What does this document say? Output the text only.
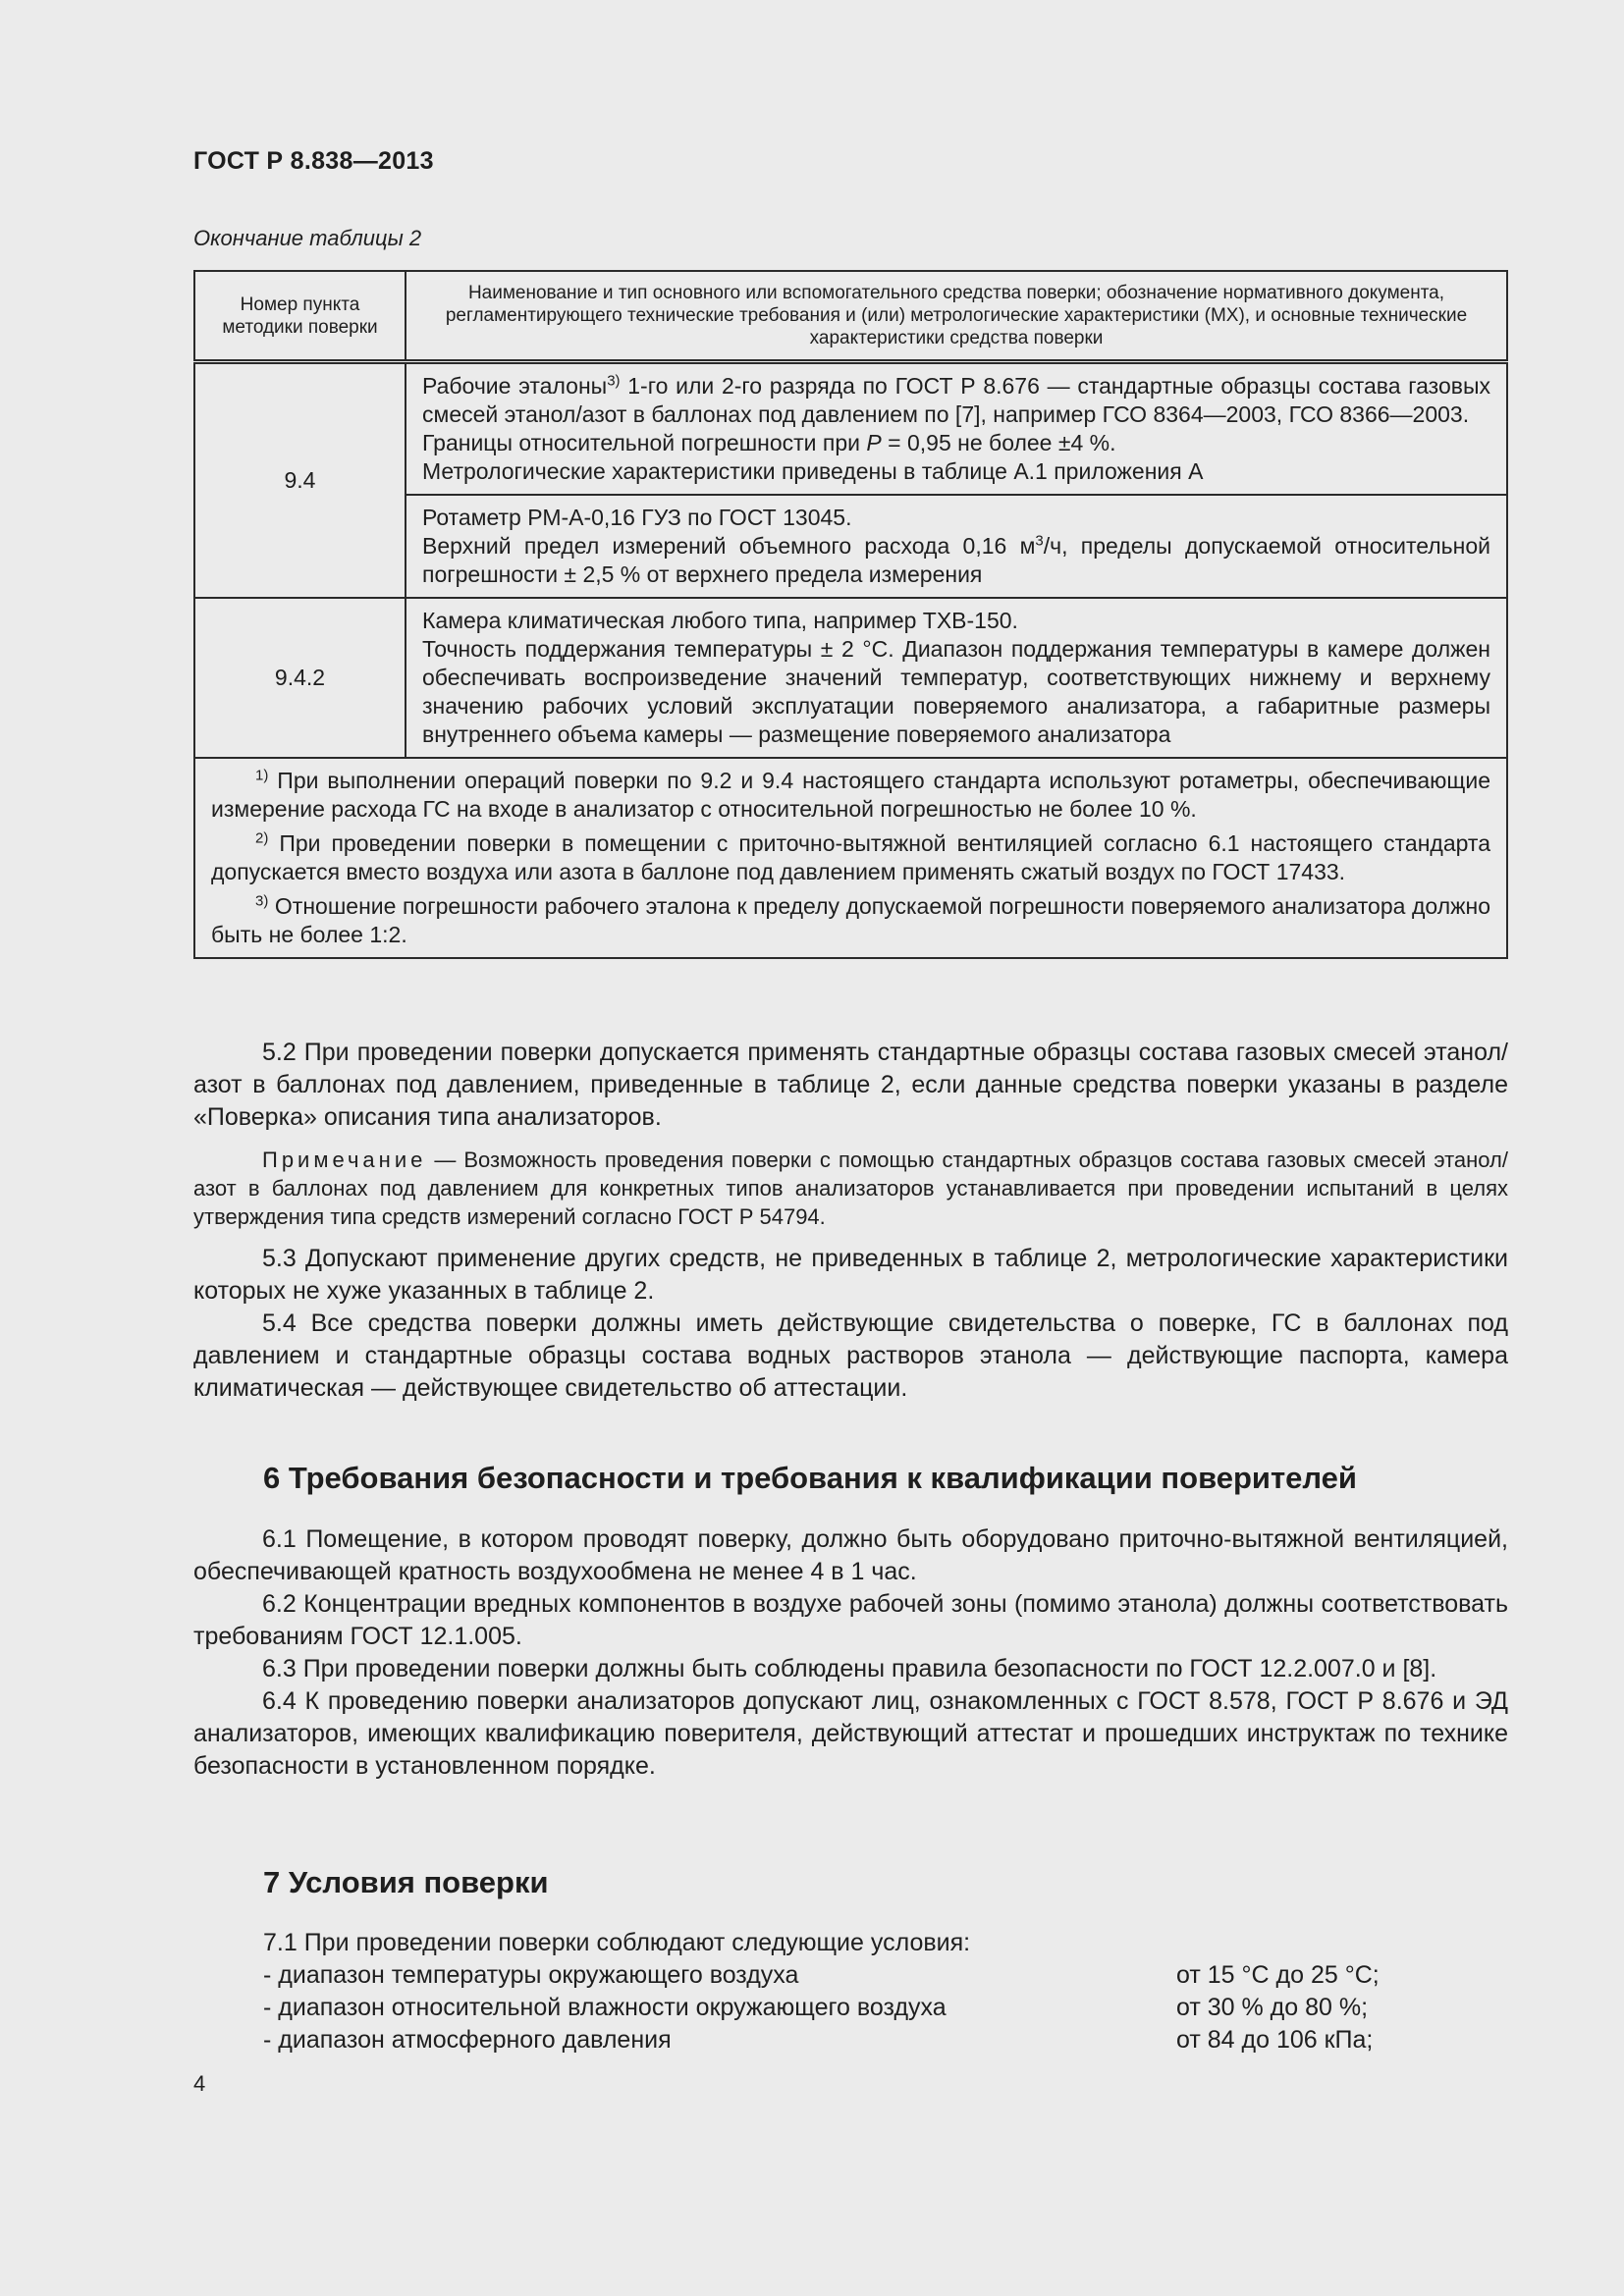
ГОСТ Р 8.838—2013
Окончание таблицы 2
Номер пункта методики поверки	Наименование и тип основного или вспомогательного средства поверки; обозначение нормативного документа, регламентирующего технические требования и (или) метрологические характеристики (МХ), и основные технические характеристики средства поверки
9.4	Рабочие эталоны$^{3)}$ 1-го или 2-го разряда по ГОСТ Р 8.676 — стандартные образцы состава газовых смесей этанол/азот в баллонах под давлением по [7], например ГСО 8364—2003, ГСО 8366—2003.
Границы относительной погрешности при P = 0,95 не более ±4 %.
Метрологические характеристики приведены в таблице А.1 приложения А

	Ротаметр РМ-А-0,16 ГУЗ по ГОСТ 13045.
Верхний предел измерений объемного расхода 0,16 $м^3/ч$, пределы допускаемой относительной погрешности ± 2,5 % от верхнего предела измерения

9.4.2	Камера климатическая любого типа, например ТХВ-150.
Точность поддержания температуры ± 2 °С. Диапазон поддержания температуры в камере должен обеспечивать воспроизведение значений температур, соответствующих нижнему и верхнему значению рабочих условий эксплуатации поверяемого анализатора, а габаритные размеры внутреннего объема камеры — размещение поверяемого анализатора

$^{1)}$ При выполнении операций поверки по 9.2 и 9.4 настоящего стандарта используют ротаметры, обеспечивающие измерение расхода ГС на входе в анализатор с относительной погрешностью не более 10 %.
$^{2)}$ При проведении поверки в помещении с приточно-вытяжной вентиляцией согласно 6.1 настоящего стандарта допускается вместо воздуха или азота в баллоне под давлением применять сжатый воздух по ГОСТ 17433.
$^{3)}$ Отношение погрешности рабочего эталона к пределу допускаемой погрешности поверяемого анализатора должно быть не более 1:2.	

5.2 При проведении поверки допускается применять стандартные образцы состава газовых смесей этанол/азот в баллонах под давлением, приведенные в таблице 2, если данные средства поверки указаны в разделе «Поверка» описания типа анализаторов.

Примечание — Возможность проведения поверки с помощью стандартных образцов состава газовых смесей этанол/азот в баллонах под давлением для конкретных типов анализаторов устанавливается при проведении испытаний в целях утверждения типа средств измерений согласно ГОСТ Р 54794.

5.3 Допускают применение других средств, не приведенных в таблице 2, метрологические характеристики которых не хуже указанных в таблице 2.

5.4 Все средства поверки должны иметь действующие свидетельства о поверке, ГС в баллонах под давлением и стандартные образцы состава водных растворов этанола — действующие паспорта, камера климатическая — действующее свидетельство об аттестации.

6 Требования безопасности и требования к квалификации поверителей

6.1 Помещение, в котором проводят поверку, должно быть оборудовано приточно-вытяжной вентиляцией, обеспечивающей кратность воздухообмена не менее 4 в 1 час.

6.2 Концентрации вредных компонентов в воздухе рабочей зоны (помимо этанола) должны соответствовать требованиям ГОСТ 12.1.005.

6.3 При проведении поверки должны быть соблюдены правила безопасности по ГОСТ 12.2.007.0 и [8].

6.4 К проведению поверки анализаторов допускают лиц, ознакомленных с ГОСТ 8.578, ГОСТ Р 8.676 и ЭД анализаторов, имеющих квалификацию поверителя, действующий аттестат и прошедших инструктаж по технике безопасности в установленном порядке.

7 Условия поверки
7.1 При проведении поверки соблюдают следующие условия:
- диапазон температуры окружающего воздуха	от 15 °С до 25 °С;
- диапазон относительной влажности окружающего воздуха	от 30 % до 80 %;
- диапазон атмосферного давления	от 84 до 106 кПа;
4
